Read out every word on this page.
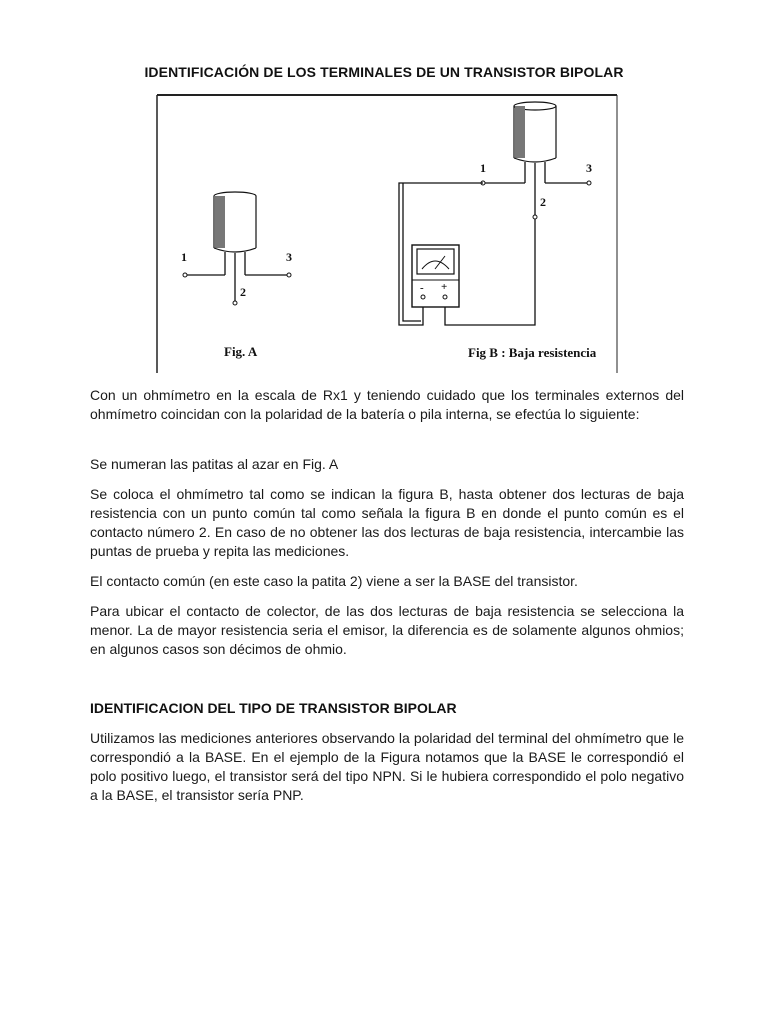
IDENTIFICACIÓN DE LOS TERMINALES DE UN TRANSISTOR BIPOLAR
1
2
3
1
2
3
- +
Fig. A	Fig B : Baja resistencia
Con un ohmímetro en la escala de Rx1 y teniendo cuidado que los terminales externos del ohmímetro coincidan con la polaridad de la batería o pila interna, se efectúa lo siguiente:
Se numeran las patitas al azar en Fig. A
Se coloca el ohmímetro tal como se indican la figura B, hasta obtener dos lecturas de baja resistencia con un punto común tal como señala la figura B en donde el punto común es el contacto número 2. En caso de no obtener las dos lecturas de baja resistencia, intercambie las puntas de prueba y repita las mediciones.
El contacto común (en este caso la patita 2) viene a ser la BASE del transistor.
Para ubicar el contacto de colector, de las dos lecturas de baja resistencia se selecciona la menor. La de mayor resistencia seria el emisor, la diferencia es de solamente algunos ohmios; en algunos casos son décimos de ohmio.
IDENTIFICACION DEL TIPO DE TRANSISTOR BIPOLAR
Utilizamos las mediciones anteriores observando la polaridad del terminal del ohmímetro que le correspondió a la BASE. En el ejemplo de la Figura notamos que la BASE le correspondió el polo positivo luego, el transistor será del tipo NPN. Si le hubiera correspondido el polo negativo a la BASE, el transistor sería PNP.
